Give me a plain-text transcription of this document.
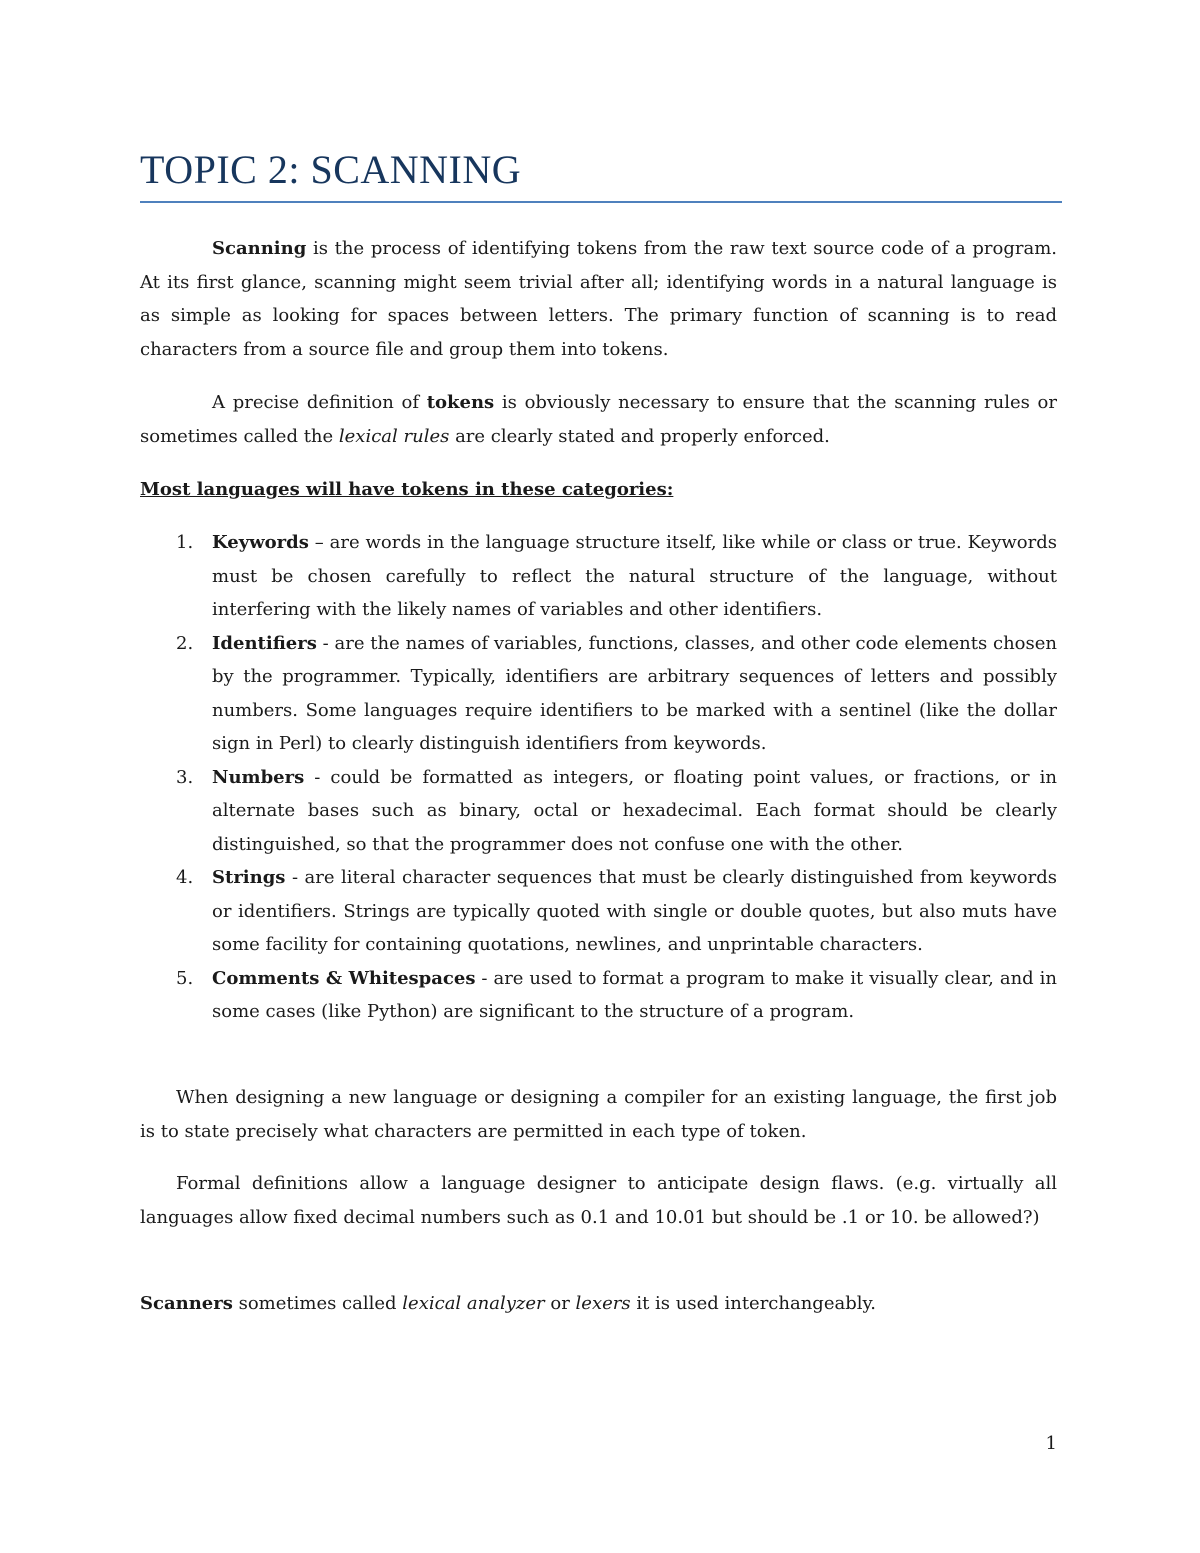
TOPIC 2: SCANNING

Scanning is the process of identifying tokens from the raw text source code of a program. At its first glance, scanning might seem trivial after all; identifying words in a natural language is as simple as looking for spaces between letters. The primary function of scanning is to read characters from a source file and group them into tokens.

A precise definition of tokens is obviously necessary to ensure that the scanning rules or sometimes called the lexical rules are clearly stated and properly enforced.

Most languages will have tokens in these categories:

1. Keywords – are words in the language structure itself, like while or class or true. Keywords must be chosen carefully to reflect the natural structure of the language, without interfering with the likely names of variables and other identifiers.
2. Identifiers - are the names of variables, functions, classes, and other code elements chosen by the programmer. Typically, identifiers are arbitrary sequences of letters and possibly numbers. Some languages require identifiers to be marked with a sentinel (like the dollar sign in Perl) to clearly distinguish identifiers from keywords.
3. Numbers - could be formatted as integers, or floating point values, or fractions, or in alternate bases such as binary, octal or hexadecimal. Each format should be clearly distinguished, so that the programmer does not confuse one with the other.
4. Strings - are literal character sequences that must be clearly distinguished from keywords or identifiers. Strings are typically quoted with single or double quotes, but also muts have some facility for containing quotations, newlines, and unprintable characters.
5. Comments & Whitespaces - are used to format a program to make it visually clear, and in some cases (like Python) are significant to the structure of a program.

When designing a new language or designing a compiler for an existing language, the first job is to state precisely what characters are permitted in each type of token.

Formal definitions allow a language designer to anticipate design flaws. (e.g. virtually all languages allow fixed decimal numbers such as 0.1 and 10.01 but should be .1 or 10. be allowed?)

Scanners sometimes called lexical analyzer or lexers it is used interchangeably.

1
